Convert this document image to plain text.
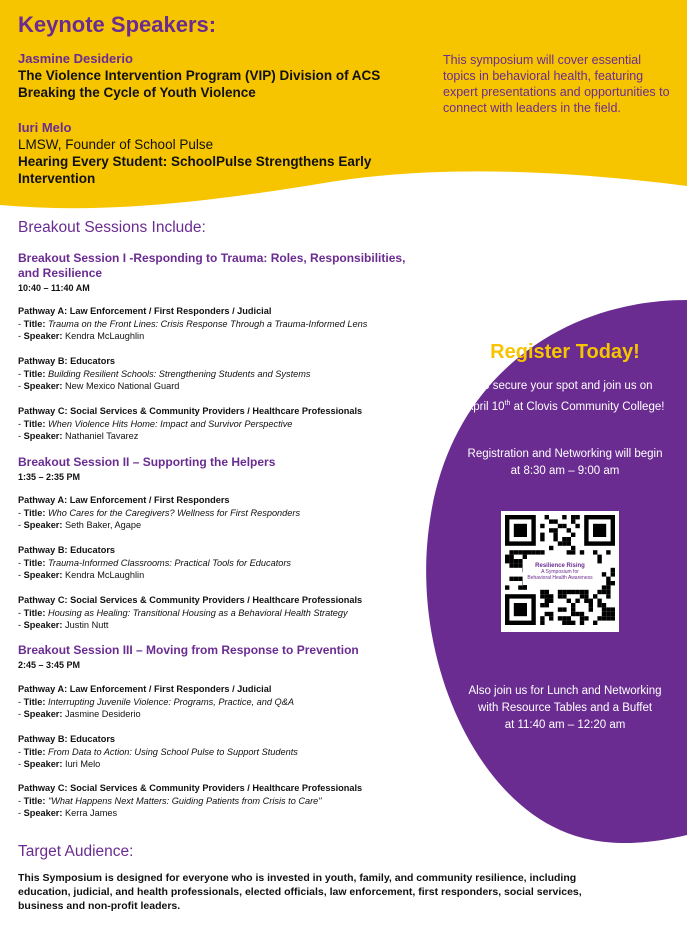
Keynote Speakers:
Jasmine Desiderio
The Violence Intervention Program (VIP) Division of ACS
Breaking the Cycle of Youth Violence
Iuri Melo
LMSW, Founder of School Pulse
Hearing Every Student: SchoolPulse Strengthens Early
Intervention
This symposium will cover essential topics in behavioral health, featuring expert presentations and opportunities to connect with leaders in the field.
Breakout Sessions Include:
Breakout Session I -Responding to Trauma: Roles, Responsibilities,
and Resilience
10:40 – 11:40 AM
Pathway A: Law Enforcement / First Responders / Judicial
- Title: Trauma on the Front Lines: Crisis Response Through a Trauma-Informed Lens
- Speaker: Kendra McLaughlin
Pathway B: Educators
- Title: Building Resilient Schools: Strengthening Students and Systems
- Speaker: New Mexico National Guard
Pathway C: Social Services & Community Providers / Healthcare Professionals
- Title: When Violence Hits Home: Impact and Survivor Perspective
- Speaker: Nathaniel Tavarez
Breakout Session II – Supporting the Helpers
1:35 – 2:35 PM
Pathway A: Law Enforcement / First Responders
- Title: Who Cares for the Caregivers? Wellness for First Responders
- Speaker: Seth Baker, Agape
Pathway B: Educators
- Title: Trauma-Informed Classrooms: Practical Tools for Educators
- Speaker: Kendra McLaughlin
Pathway C: Social Services & Community Providers / Healthcare Professionals
- Title: Housing as Healing: Transitional Housing as a Behavioral Health Strategy
- Speaker: Justin Nutt
Breakout Session III – Moving from Response to Prevention
2:45 – 3:45 PM
Pathway A: Law Enforcement / First Responders / Judicial
- Title: Interrupting Juvenile Violence: Programs, Practice, and Q&A
- Speaker: Jasmine Desiderio
Pathway B: Educators
- Title: From Data to Action: Using School Pulse to Support Students
- Speaker: Iuri Melo
Pathway C: Social Services & Community Providers / Healthcare Professionals
- Title: "What Happens Next Matters: Guiding Patients from Crisis to Care"
- Speaker: Kerra James
Target Audience:
This Symposium is designed for everyone who is invested in youth, family, and community resilience, including education, judicial, and health professionals, elected officials, law enforcement, first responders, social services, business and non-profit leaders.
Register Today!
To secure your spot and join us on
April 10th at Clovis Community College!
Registration and Networking will begin
at 8:30 am – 9:00 am
Resilience Rising
A Symposium for
Behavioral Health Awareness
Also join us for Lunch and Networking
with Resource Tables and a Buffet
at 11:40 am – 12:20 am
